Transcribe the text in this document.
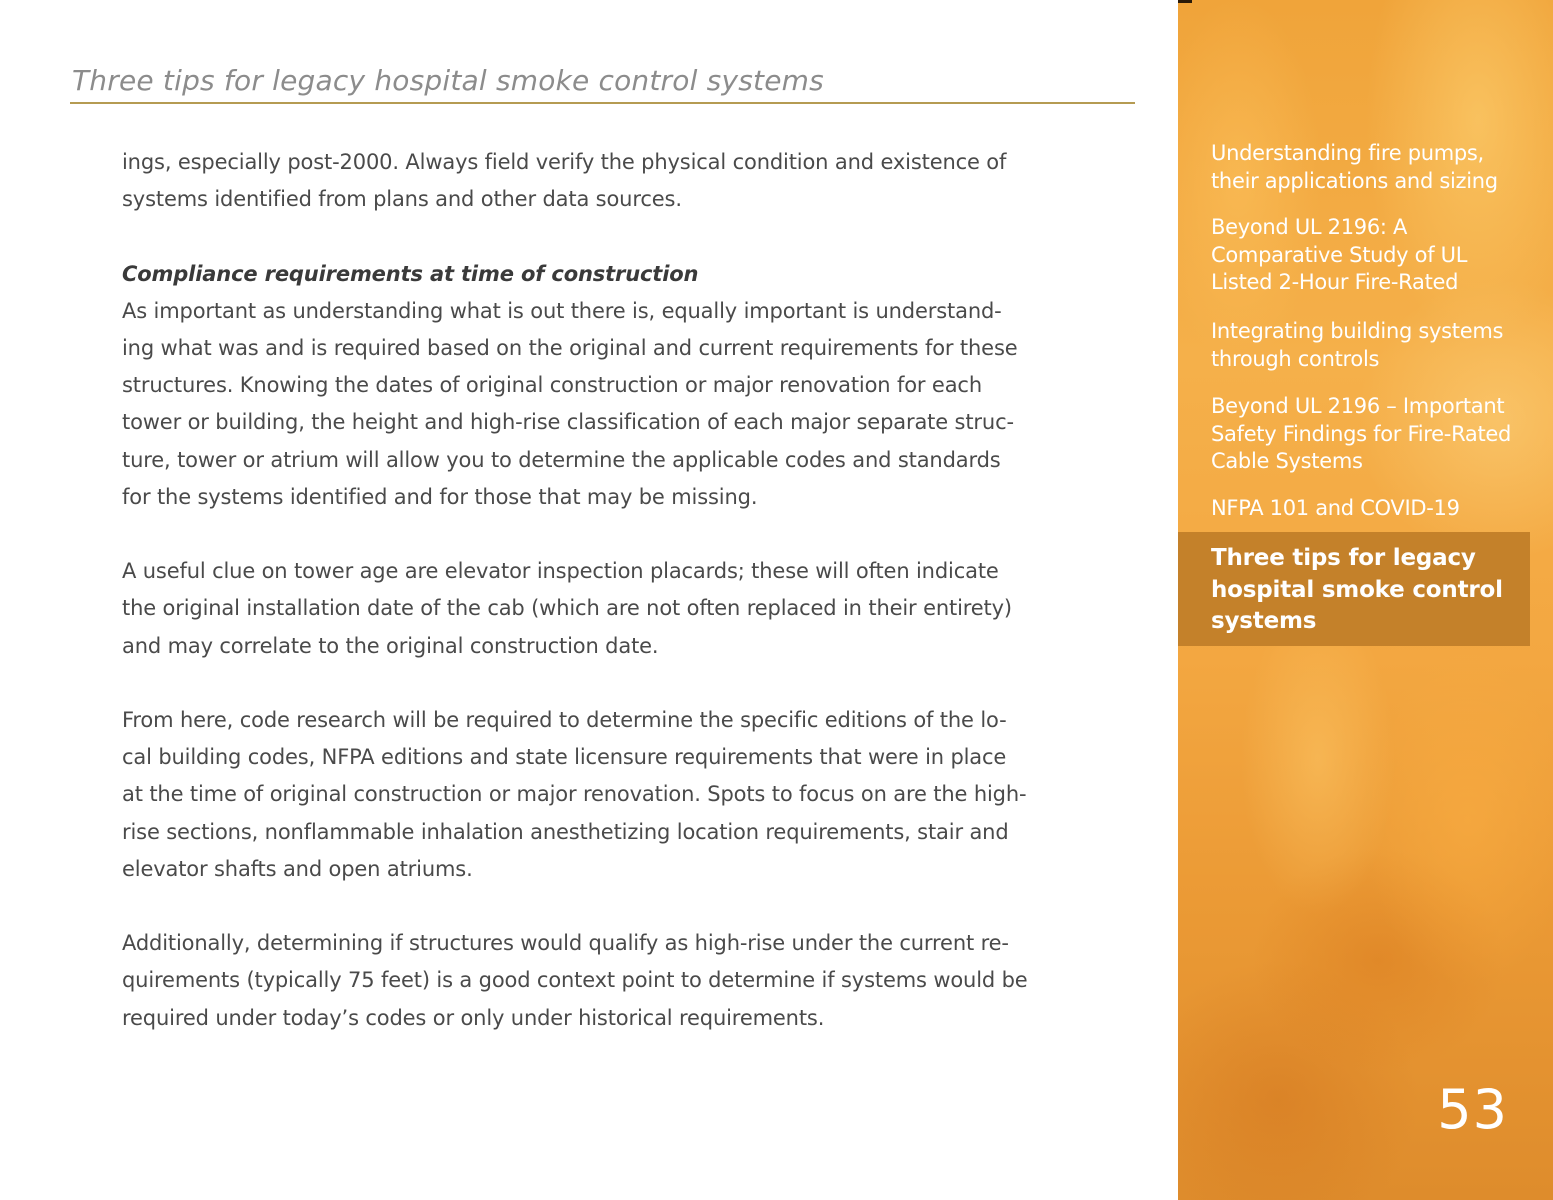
Three tips for legacy hospital smoke control systems

ings, especially post-2000. Always field verify the physical condition and existence of
systems identified from plans and other data sources.

Compliance requirements at time of construction

As important as understanding what is out there is, equally important is understand-
ing what was and is required based on the original and current requirements for these
structures. Knowing the dates of original construction or major renovation for each
tower or building, the height and high-rise classification of each major separate struc-
ture, tower or atrium will allow you to determine the applicable codes and standards
for the systems identified and for those that may be missing.

A useful clue on tower age are elevator inspection placards; these will often indicate
the original installation date of the cab (which are not often replaced in their entirety)
and may correlate to the original construction date.

From here, code research will be required to determine the specific editions of the lo-
cal building codes, NFPA editions and state licensure requirements that were in place
at the time of original construction or major renovation. Spots to focus on are the high-
rise sections, nonflammable inhalation anesthetizing location requirements, stair and
elevator shafts and open atriums.

Additionally, determining if structures would qualify as high-rise under the current re-
quirements (typically 75 feet) is a good context point to determine if systems would be
required under today’s codes or only under historical requirements.

Understanding fire pumps,
their applications and sizing
Beyond UL 2196: A
Comparative Study of UL
Listed 2-Hour Fire-Rated
Integrating building systems
through controls
Beyond UL 2196 – Important
Safety Findings for Fire-Rated
Cable Systems
NFPA 101 and COVID-19
Three tips for legacy
hospital smoke control
systems
53
